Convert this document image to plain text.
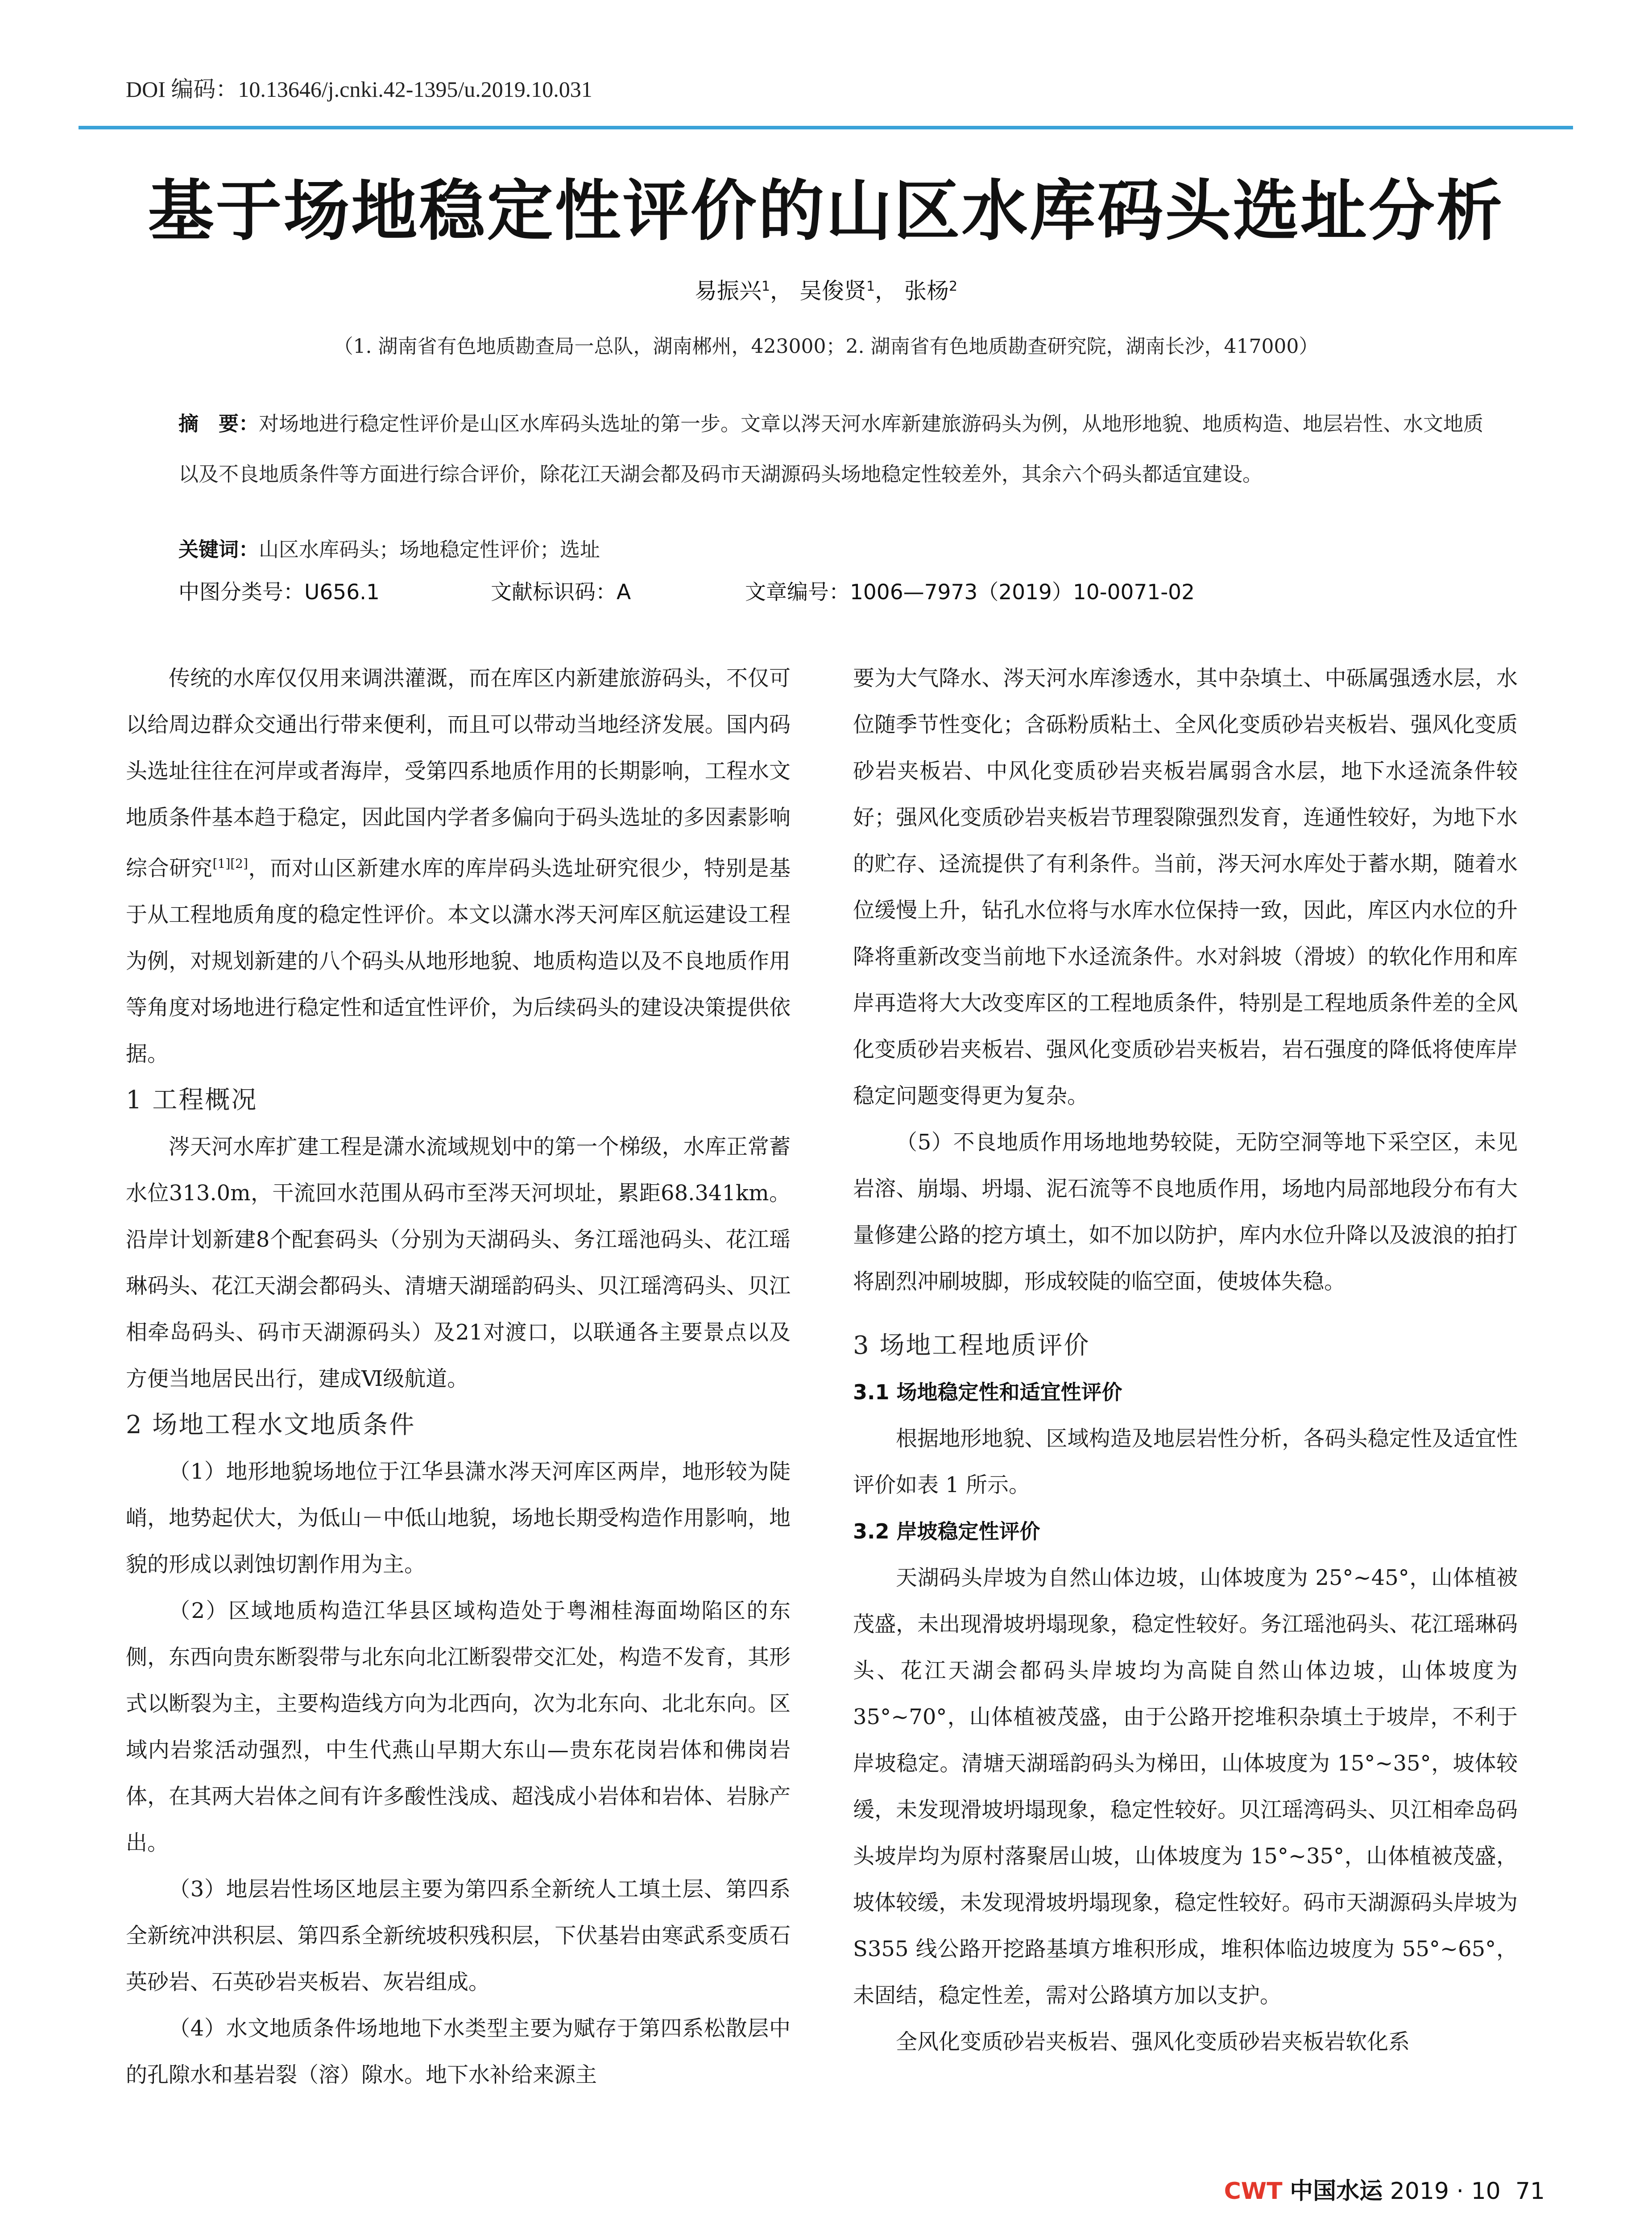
DOI 编码：10.13646/j.cnki.42-1395/u.2019.10.031
基于场地稳定性评价的山区水库码头选址分析
易振兴$^1$， 吴俊贤$^1$， 张杨$^2$
（1. 湖南省有色地质勘查局一总队，湖南郴州，423000；2. 湖南省有色地质勘查研究院，湖南长沙，417000）
摘　要：对场地进行稳定性评价是山区水库码头选址的第一步。文章以涔天河水库新建旅游码头为例，从地形地貌、地质构造、地层岩性、水文地质以及不良地质条件等方面进行综合评价，除花江天湖会都及码市天湖源码头场地稳定性较差外，其余六个码头都适宜建设。
关键词：山区水库码头；场地稳定性评价；选址
中图分类号：U656.1	文献标识码：A	文章编号：1006—7973（2019）10-0071-02

传统的水库仅仅用来调洪灌溉，而在库区内新建旅游码头，不仅可以给周边群众交通出行带来便利，而且可以带动当地经济发展。国内码头选址往往在河岸或者海岸，受第四系地质作用的长期影响，工程水文地质条件基本趋于稳定，因此国内学者多偏向于码头选址的多因素影响综合研究[1][2]，而对山区新建水库的库岸码头选址研究很少，特别是基于从工程地质角度的稳定性评价。本文以潇水涔天河库区航运建设工程为例，对规划新建的八个码头从地形地貌、地质构造以及不良地质作用等角度对场地进行稳定性和适宜性评价，为后续码头的建设决策提供依据。

1 工程概况

涔天河水库扩建工程是潇水流域规划中的第一个梯级，水库正常蓄水位313.0m，干流回水范围从码市至涔天河坝址，累距68.341km。沿岸计划新建8个配套码头（分别为天湖码头、务江瑶池码头、花江瑶琳码头、花江天湖会都码头、清塘天湖瑶韵码头、贝江瑶湾码头、贝江相牵岛码头、码市天湖源码头）及21对渡口，以联通各主要景点以及方便当地居民出行，建成Ⅵ级航道。

2 场地工程水文地质条件

（1）地形地貌场地位于江华县潇水涔天河库区两岸，地形较为陡峭，地势起伏大，为低山－中低山地貌，场地长期受构造作用影响，地貌的形成以剥蚀切割作用为主。

（2）区域地质构造江华县区域构造处于粤湘桂海面坳陷区的东侧，东西向贵东断裂带与北东向北江断裂带交汇处，构造不发育，其形式以断裂为主，主要构造线方向为北西向，次为北东向、北北东向。区域内岩浆活动强烈，中生代燕山早期大东山—贵东花岗岩体和佛岗岩体，在其两大岩体之间有许多酸性浅成、超浅成小岩体和岩体、岩脉产出。

（3）地层岩性场区地层主要为第四系全新统人工填土层、第四系全新统冲洪积层、第四系全新统坡积残积层，下伏基岩由寒武系变质石英砂岩、石英砂岩夹板岩、灰岩组成。

（4）水文地质条件场地地下水类型主要为赋存于第四系松散层中的孔隙水和基岩裂（溶）隙水。地下水补给来源主

要为大气降水、涔天河水库渗透水，其中杂填土、中砾属强透水层，水位随季节性变化；含砾粉质粘土、全风化变质砂岩夹板岩、强风化变质砂岩夹板岩、中风化变质砂岩夹板岩属弱含水层，地下水迳流条件较好；强风化变质砂岩夹板岩节理裂隙强烈发育，连通性较好，为地下水的贮存、迳流提供了有利条件。当前，涔天河水库处于蓄水期，随着水位缓慢上升，钻孔水位将与水库水位保持一致，因此，库区内水位的升降将重新改变当前地下水迳流条件。水对斜坡（滑坡）的软化作用和库岸再造将大大改变库区的工程地质条件，特别是工程地质条件差的全风化变质砂岩夹板岩、强风化变质砂岩夹板岩，岩石强度的降低将使库岸稳定问题变得更为复杂。

（5）不良地质作用场地地势较陡，无防空洞等地下采空区，未见岩溶、崩塌、坍塌、泥石流等不良地质作用，场地内局部地段分布有大量修建公路的挖方填土，如不加以防护，库内水位升降以及波浪的拍打将剧烈冲刷坡脚，形成较陡的临空面，使坡体失稳。

3 场地工程地质评价

3.1 场地稳定性和适宜性评价

根据地形地貌、区域构造及地层岩性分析，各码头稳定性及适宜性评价如表 1 所示。

3.2 岸坡稳定性评价

天湖码头岸坡为自然山体边坡，山体坡度为 25°~45°，山体植被茂盛，未出现滑坡坍塌现象，稳定性较好。务江瑶池码头、花江瑶琳码头、花江天湖会都码头岸坡均为高陡自然山体边坡，山体坡度为 35°~70°，山体植被茂盛，由于公路开挖堆积杂填土于坡岸，不利于岸坡稳定。清塘天湖瑶韵码头为梯田，山体坡度为 15°~35°，坡体较缓，未发现滑坡坍塌现象，稳定性较好。贝江瑶湾码头、贝江相牵岛码头坡岸均为原村落聚居山坡，山体坡度为 15°~35°，山体植被茂盛，坡体较缓，未发现滑坡坍塌现象，稳定性较好。码市天湖源码头岸坡为 S355 线公路开挖路基填方堆积形成，堆积体临边坡度为 55°~65°，未固结，稳定性差，需对公路填方加以支护。

全风化变质砂岩夹板岩、强风化变质砂岩夹板岩软化系

CWT 中国水运 2019 · 10 71
